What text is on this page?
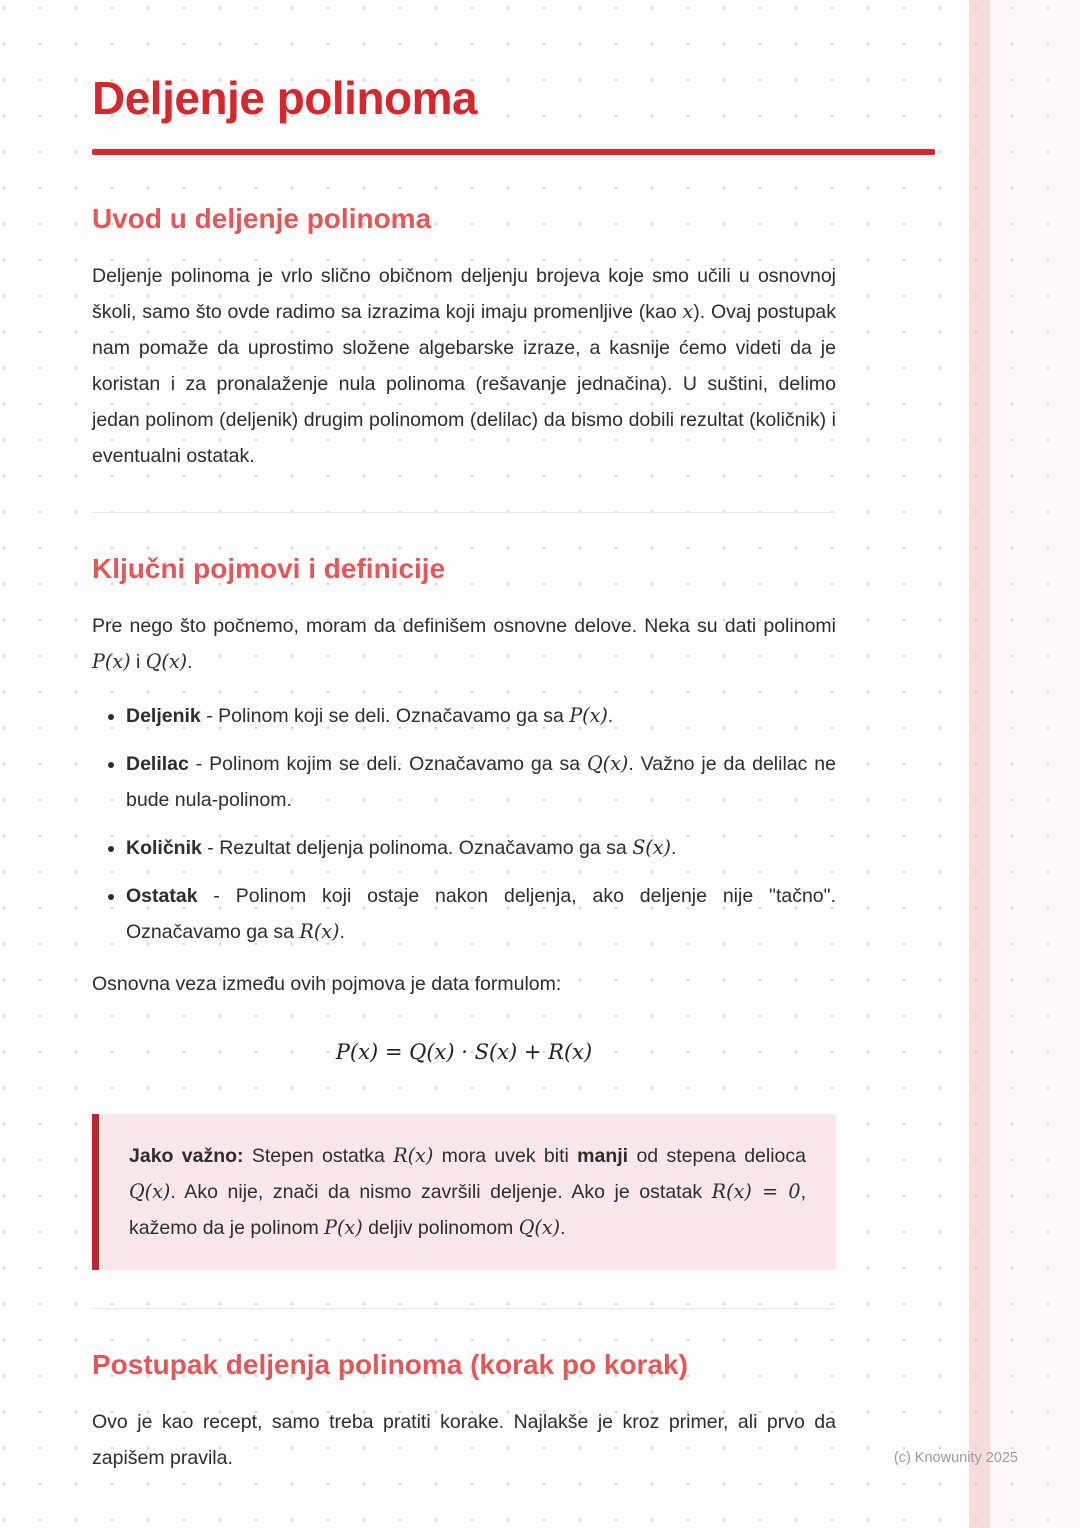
Deljenje polinoma
Uvod u deljenje polinoma

Deljenje polinoma je vrlo slično običnom deljenju brojeva koje smo učili u osnovnoj školi, samo što ovde radimo sa izrazima koji imaju promenljive (kao x). Ovaj postupak nam pomaže da uprostimo složene algebarske izraze, a kasnije ćemo videti da je koristan i za pronalaženje nula polinoma (rešavanje jednačina). U suštini, delimo jedan polinom (deljenik) drugim polinomom (delilac) da bismo dobili rezultat (količnik) i eventualni ostatak.

Ključni pojmovi i definicije

Pre nego što počnemo, moram da definišem osnovne delove. Neka su dati polinomi P(x) i Q(x).

• Deljenik - Polinom koji se deli. Označavamo ga sa P(x).
• Delilac - Polinom kojim se deli. Označavamo ga sa Q(x). Važno je da delilac ne bude nula-polinom.
• Količnik - Rezultat deljenja polinoma. Označavamo ga sa S(x).
• Ostatak - Polinom koji ostaje nakon deljenja, ako deljenje nije "tačno". Označavamo ga sa R(x).

Osnovna veza između ovih pojmova je data formulom:

P(x) = Q(x) · S(x) + R(x)

Jako važno: Stepen ostatka R(x) mora uvek biti manji od stepena delioca Q(x). Ako nije, znači da nismo završili deljenje. Ako je ostatak R(x) = 0, kažemo da je polinom P(x) deljiv polinomom Q(x).

Postupak deljenja polinoma (korak po korak)

Ovo je kao recept, samo treba pratiti korake. Najlakše je kroz primer, ali prvo da zapišem pravila.	(c) Knowunity 2025
